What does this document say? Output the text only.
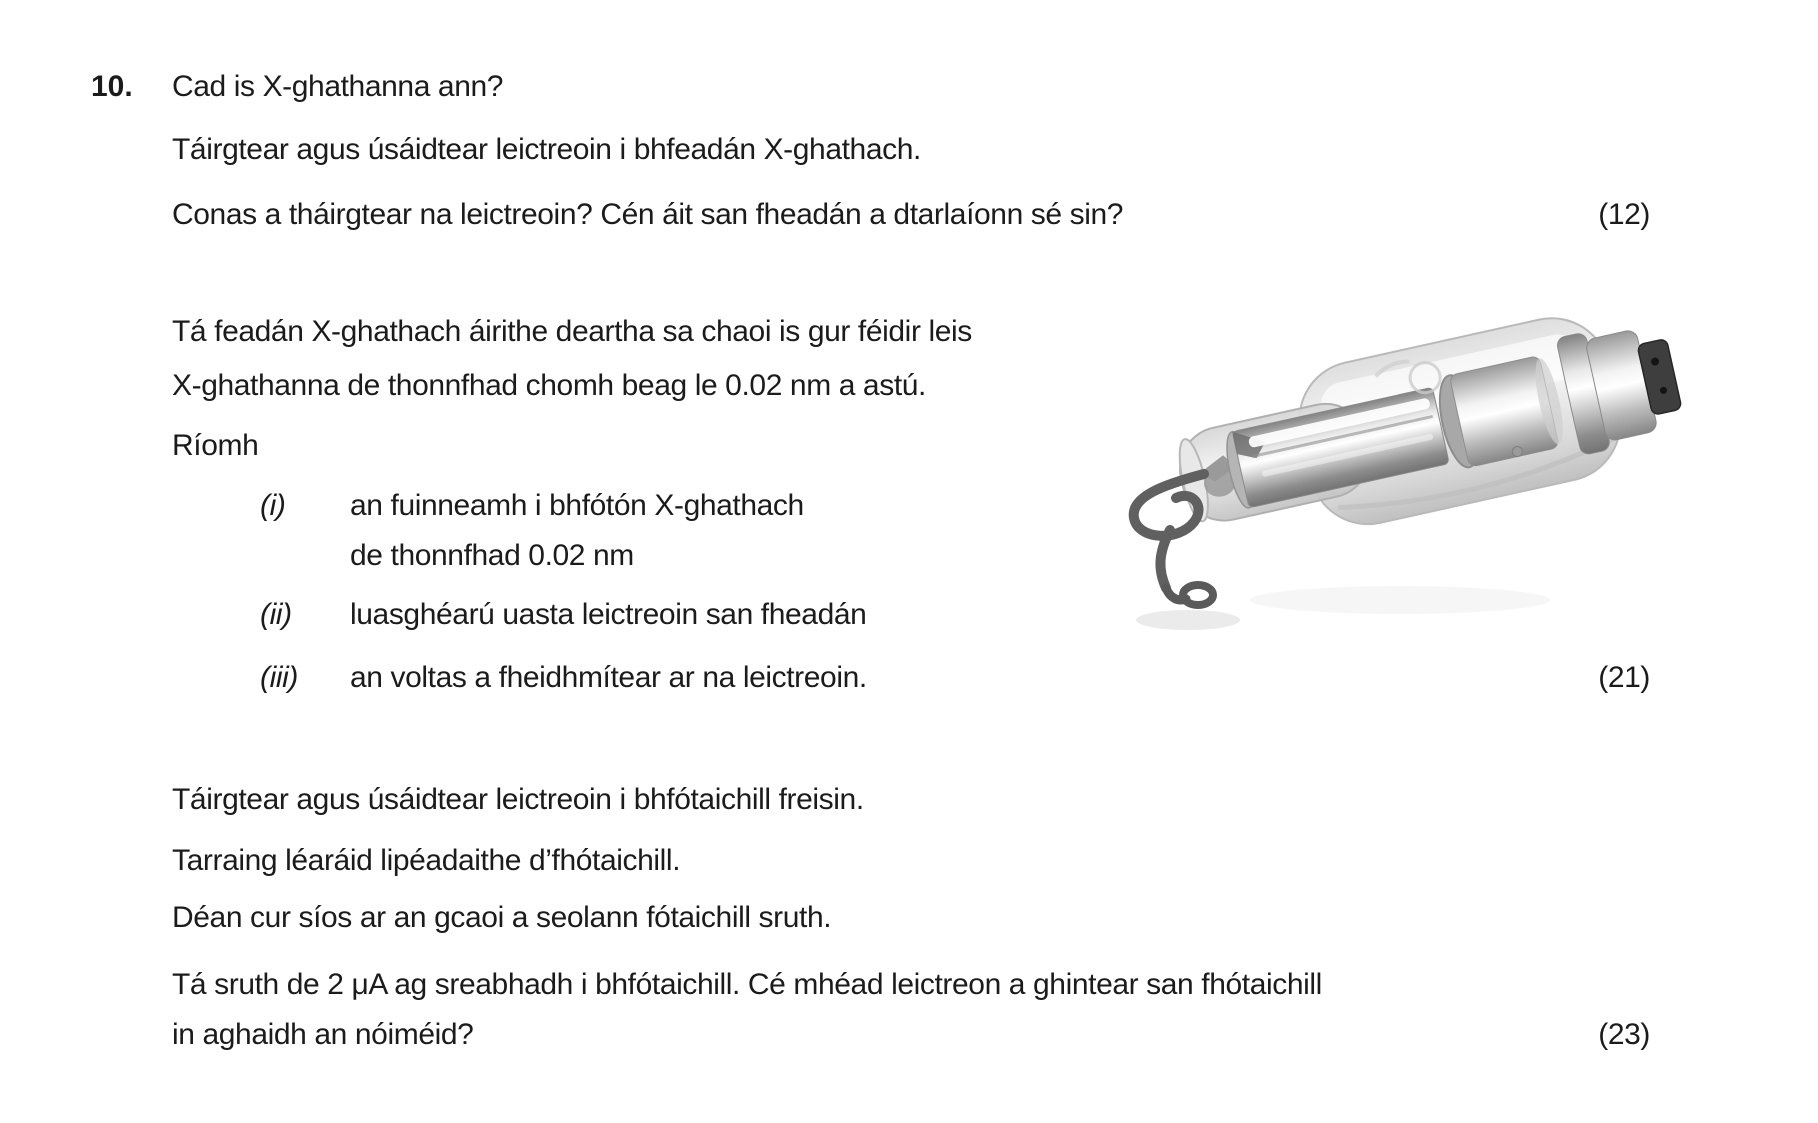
10. Cad is X-ghathanna ann?
Táirgtear agus úsáidtear leictreoin i bhfeadán X-ghathach.
Conas a tháirgtear na leictreoin? Cén áit san fheadán a dtarlaíonn sé sin?	(12)
Tá feadán X-ghathach áirithe deartha sa chaoi is gur féidir leis
X-ghathanna de thonnfhad chomh beag le 0.02 nm a astú.
Ríomh
(i) an fuinneamh i bhfótón X-ghathach
de thonnfhad 0.02 nm
(ii) luasghéarú uasta leictreoin san fheadán
(iii) an voltas a fheidhmítear ar na leictreoin.	(21)
Táirgtear agus úsáidtear leictreoin i bhfótaichill freisin.
Tarraing léaráid lipéadaithe d’fhótaichill.
Déan cur síos ar an gcaoi a seolann fótaichill sruth.
Tá sruth de 2 μA ag sreabhadh i bhfótaichill. Cé mhéad leictreon a ghintear san fhótaichill
in aghaidh an nóiméid?	(23)
